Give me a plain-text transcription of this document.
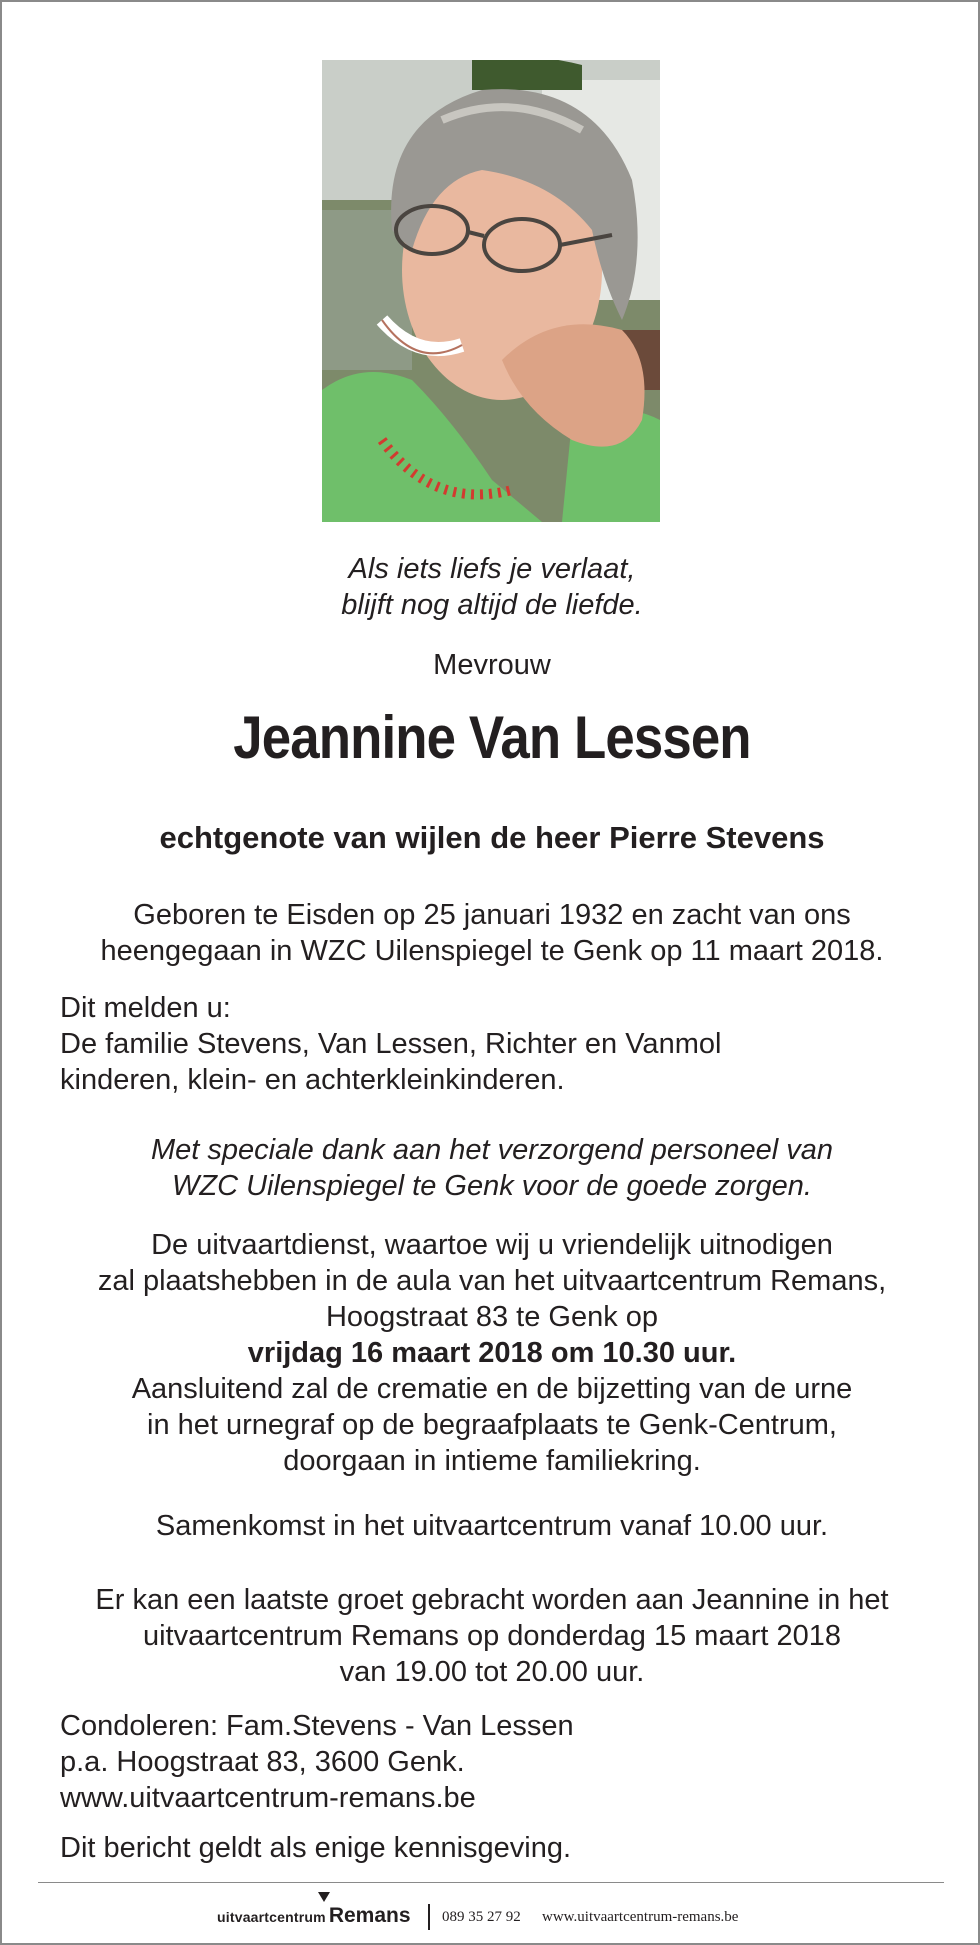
Als iets liefs je verlaat,
blijft nog altijd de liefde.
Mevrouw
Jeannine Van Lessen
echtgenote van wijlen de heer Pierre Stevens
Geboren te Eisden op 25 januari 1932 en zacht van ons
heengegaan in WZC Uilenspiegel te Genk op 11 maart 2018.
Dit melden u:
De familie Stevens, Van Lessen, Richter en Vanmol
kinderen, klein- en achterkleinkinderen.
Met speciale dank aan het verzorgend personeel van
WZC Uilenspiegel te Genk voor de goede zorgen.
De uitvaartdienst, waartoe wij u vriendelijk uitnodigen
zal plaatshebben in de aula van het uitvaartcentrum Remans,
Hoogstraat 83 te Genk op
vrijdag 16 maart 2018 om 10.30 uur.
Aansluitend zal de crematie en de bijzetting van de urne
in het urnegraf op de begraafplaats te Genk-Centrum,
doorgaan in intieme familiekring.
Samenkomst in het uitvaartcentrum vanaf 10.00 uur.
Er kan een laatste groet gebracht worden aan Jeannine in het
uitvaartcentrum Remans op donderdag 15 maart 2018
van 19.00 tot 20.00 uur.
Condoleren: Fam.Stevens - Van Lessen
p.a. Hoogstraat 83, 3600 Genk.
www.uitvaartcentrum-remans.be
Dit bericht geldt als enige kennisgeving.
uitvaartcentrum Remans 089 35 27 92 www.uitvaartcentrum-remans.be
